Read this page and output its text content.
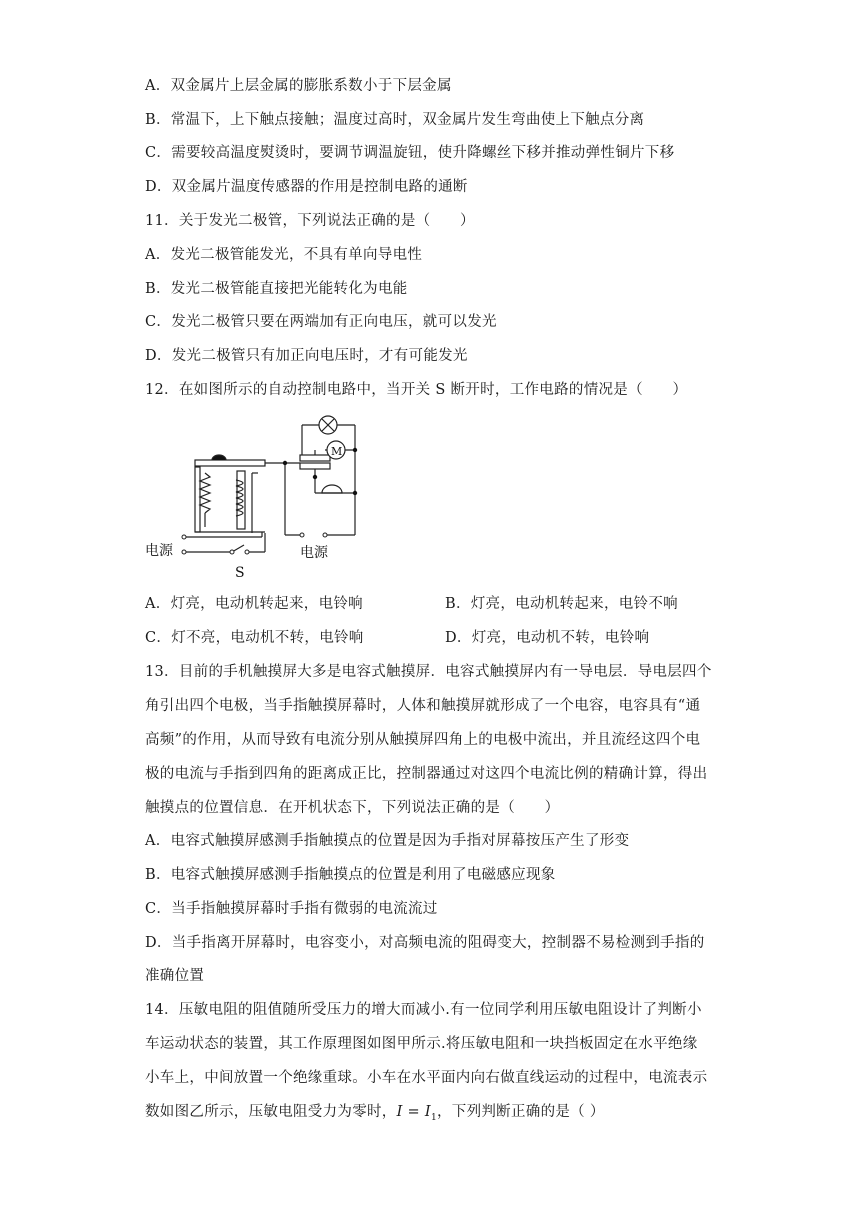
A．双金属片上层金属的膨胀系数小于下层金属
B．常温下，上下触点接触；温度过高时，双金属片发生弯曲使上下触点分离
C．需要较高温度熨烫时，要调节调温旋钮，使升降螺丝下移并推动弹性铜片下移
D．双金属片温度传感器的作用是控制电路的通断
11．关于发光二极管，下列说法正确的是（　　）
A．发光二极管能发光，不具有单向导电性
B．发光二极管能直接把光能转化为电能
C．发光二极管只要在两端加有正向电压，就可以发光
D．发光二极管只有加正向电压时，才有可能发光
12．在如图所示的自动控制电路中，当开关 S 断开时，工作电路的情况是（　　）
电源
S
电源
M
A．灯亮，电动机转起来，电铃响	B．灯亮，电动机转起来，电铃不响
C．灯不亮，电动机不转，电铃响	D．灯亮，电动机不转，电铃响
13．目前的手机触摸屏大多是电容式触摸屏．电容式触摸屏内有一导电层．导电层四个
角引出四个电极，当手指触摸屏幕时，人体和触摸屏就形成了一个电容，电容具有“通
高频”的作用，从而导致有电流分别从触摸屏四角上的电极中流出，并且流经这四个电
极的电流与手指到四角的距离成正比，控制器通过对这四个电流比例的精确计算，得出
触摸点的位置信息．在开机状态下，下列说法正确的是（　　）
A．电容式触摸屏感测手指触摸点的位置是因为手指对屏幕按压产生了形变
B．电容式触摸屏感测手指触摸点的位置是利用了电磁感应现象
C．当手指触摸屏幕时手指有微弱的电流流过
D．当手指离开屏幕时，电容变小，对高频电流的阻碍变大，控制器不易检测到手指的
准确位置
14．压敏电阻的阻值随所受压力的增大而减小.有一位同学利用压敏电阻设计了判断小
车运动状态的装置，其工作原理图如图甲所示.将压敏电阻和一块挡板固定在水平绝缘
小车上，中间放置一个绝缘重球。小车在水平面内向右做直线运动的过程中，电流表示
数如图乙所示，压敏电阻受力为零时，$I = I_1$，下列判断正确的是（ ）
